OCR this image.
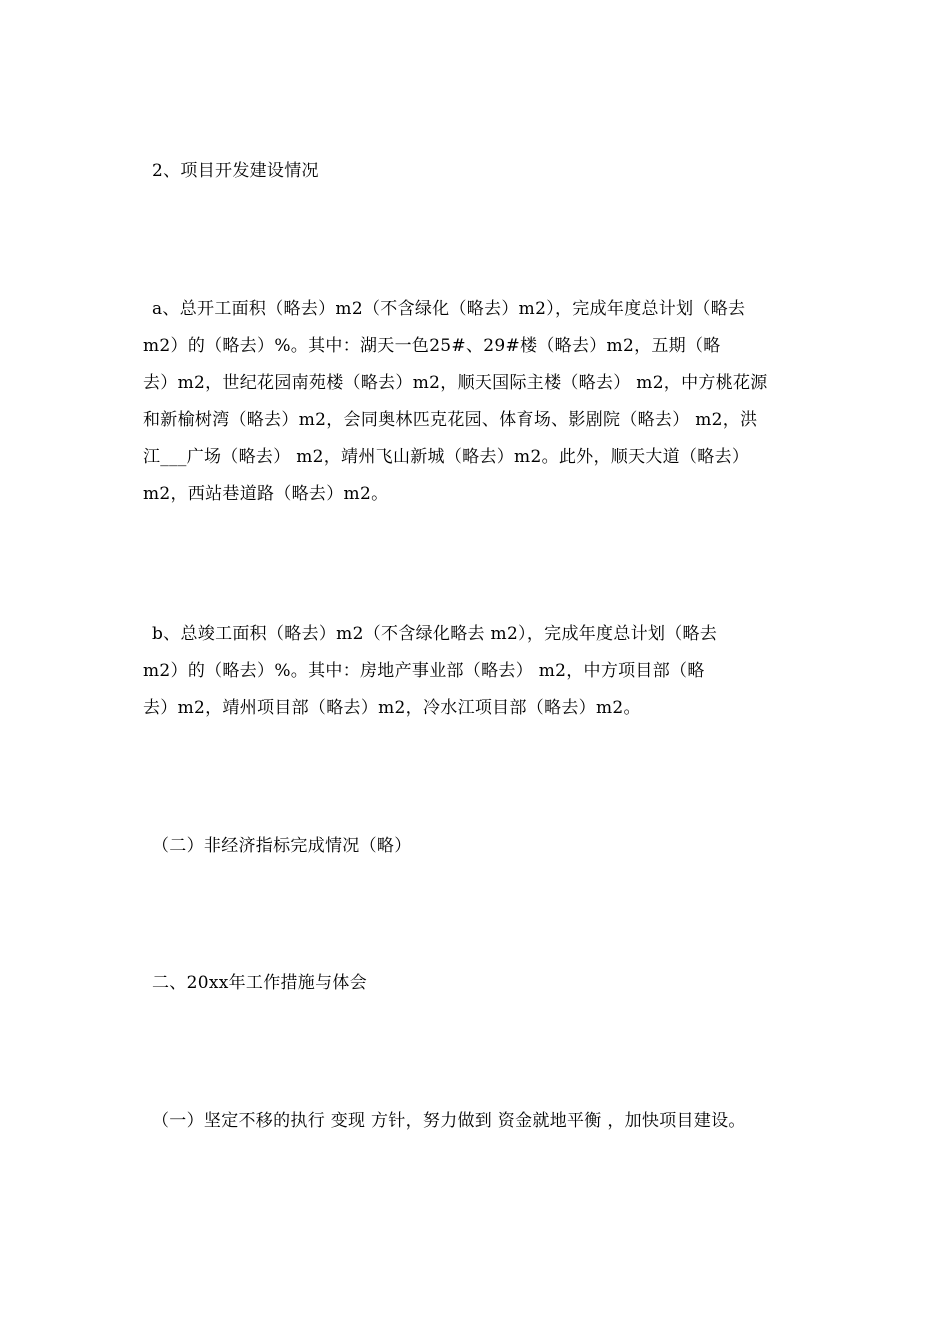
2、项目开发建设情况
a、总开工面积（略去）m2（不含绿化（略去）m2），完成年度总计划（略去
m2）的（略去）%。其中：湖天一色25#、29#楼（略去）m2，五期（略
去）m2，世纪花园南苑楼（略去）m2，顺天国际主楼（略去） m2，中方桃花源
和新榆树湾（略去）m2，会同奥林匹克花园、体育场、影剧院（略去） m2，洪
江___广场（略去） m2，靖州飞山新城（略去）m2。此外，顺天大道（略去）
m2，西站巷道路（略去）m2。
b、总竣工面积（略去）m2（不含绿化略去 m2），完成年度总计划（略去
m2）的（略去）%。其中：房地产事业部（略去） m2，中方项目部（略
去）m2，靖州项目部（略去）m2，冷水江项目部（略去）m2。
（二）非经济指标完成情况（略）
二、20xx年工作措施与体会
（一）坚定不移的执行 变现 方针，努力做到 资金就地平衡 ，加快项目建设。
